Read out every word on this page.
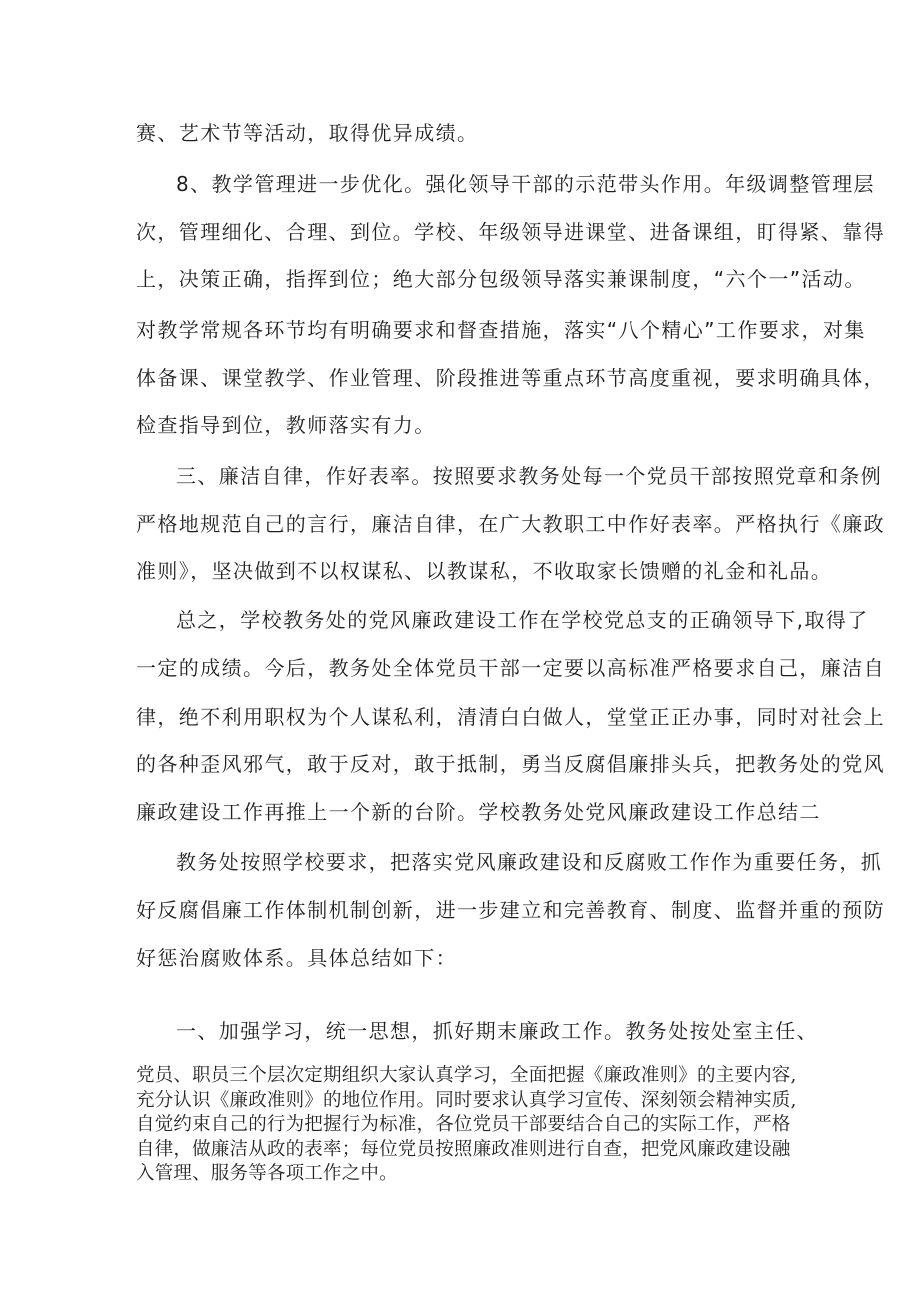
赛、艺术节等活动，取得优异成绩。
8、教学管理进一步优化。强化领导干部的示范带头作用。年级调整管理层
次，管理细化、合理、到位。学校、年级领导进课堂、进备课组，盯得紧、靠得
上，决策正确，指挥到位；绝大部分包级领导落实兼课制度，“六个一”活动。
对教学常规各环节均有明确要求和督查措施，落实“八个精心”工作要求，对集
体备课、课堂教学、作业管理、阶段推进等重点环节高度重视，要求明确具体，
检查指导到位，教师落实有力。
三、廉洁自律，作好表率。按照要求教务处每一个党员干部按照党章和条例
严格地规范自己的言行，廉洁自律，在广大教职工中作好表率。严格执行《廉政
准则》，坚决做到不以权谋私、以教谋私，不收取家长馈赠的礼金和礼品。
总之，学校教务处的党风廉政建设工作在学校党总支的正确领导下,取得了
一定的成绩。今后，教务处全体党员干部一定要以高标准严格要求自己，廉洁自
律，绝不利用职权为个人谋私利，清清白白做人，堂堂正正办事，同时对社会上
的各种歪风邪气，敢于反对，敢于抵制，勇当反腐倡廉排头兵，把教务处的党风
廉政建设工作再推上一个新的台阶。学校教务处党风廉政建设工作总结二
教务处按照学校要求，把落实党风廉政建设和反腐败工作作为重要任务，抓
好反腐倡廉工作体制机制创新，进一步建立和完善教育、制度、监督并重的预防
好惩治腐败体系。具体总结如下：
一、加强学习，统一思想，抓好期末廉政工作。教务处按处室主任、
党员、职员三个层次定期组织大家认真学习，全面把握《廉政准则》的主要内容,
充分认识《廉政准则》的地位作用。同时要求认真学习宣传、深刻领会精神实质,
自觉约束自己的行为把握行为标准，各位党员干部要结合自己的实际工作，严格
自律，做廉洁从政的表率；每位党员按照廉政准则进行自查，把党风廉政建设融
入管理、服务等各项工作之中。
